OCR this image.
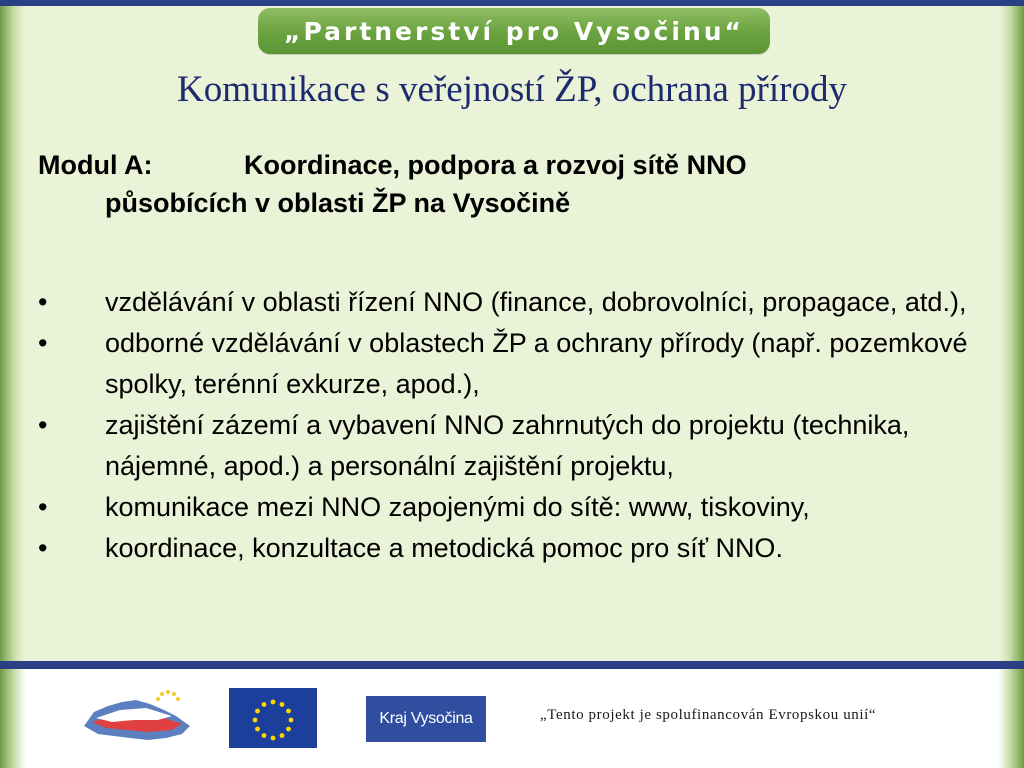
„Partnerství pro Vysočinu“
Komunikace s veřejností ŽP, ochrana přírody
Modul A:	Koordinace, podpora a rozvoj sítě NNO
působících v oblasti ŽP na Vysočině
• vzdělávání v oblasti řízení NNO (finance, dobrovolníci, propagace, atd.),
• odborné vzdělávání v oblastech ŽP a ochrany přírody (např. pozemkové spolky, terénní exkurze, apod.),
• zajištění zázemí a vybavení NNO zahrnutých do projektu (technika, nájemné, apod.) a personální zajištění projektu,
• komunikace mezi NNO zapojenými do sítě: www, tiskoviny,
• koordinace, konzultace a metodická pomoc pro síť NNO.
Kraj Vysočina	„Tento projekt je spolufinancován Evropskou unií“
